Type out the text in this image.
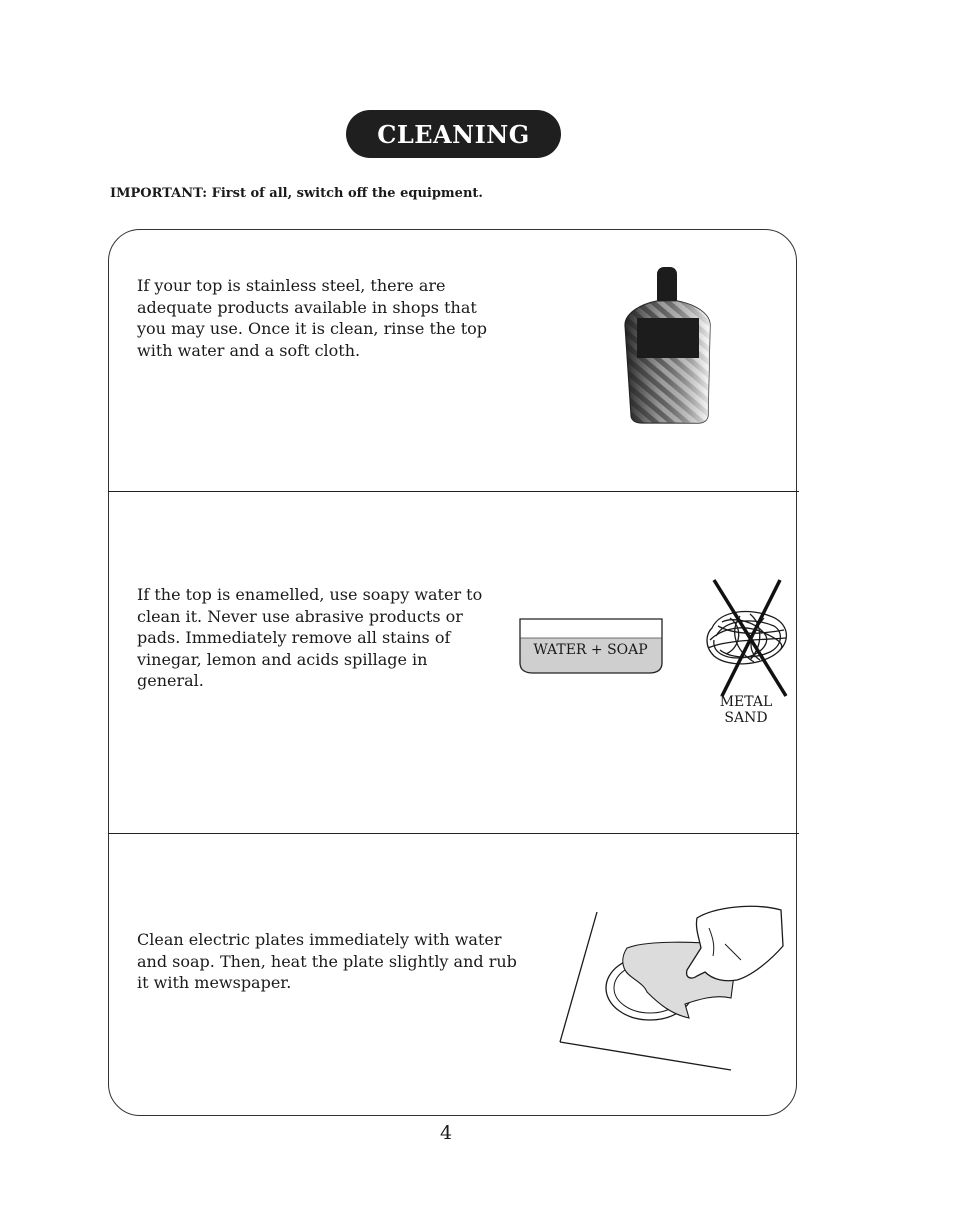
CLEANING
IMPORTANT: First of all, switch off the equipment.
If your top is stainless steel, there are
adequate products available in shops that
you may use. Once it is clean, rinse the top
with water and a soft cloth.
If the top is enamelled, use soapy water to
clean it. Never use abrasive products or
pads. Immediately remove all stains of
vinegar, lemon and acids spillage in
general.
WATER + SOAP
METAL
SAND
Clean electric plates immediately with water
and soap. Then, heat the plate slightly and rub
it with mewspaper.
4
